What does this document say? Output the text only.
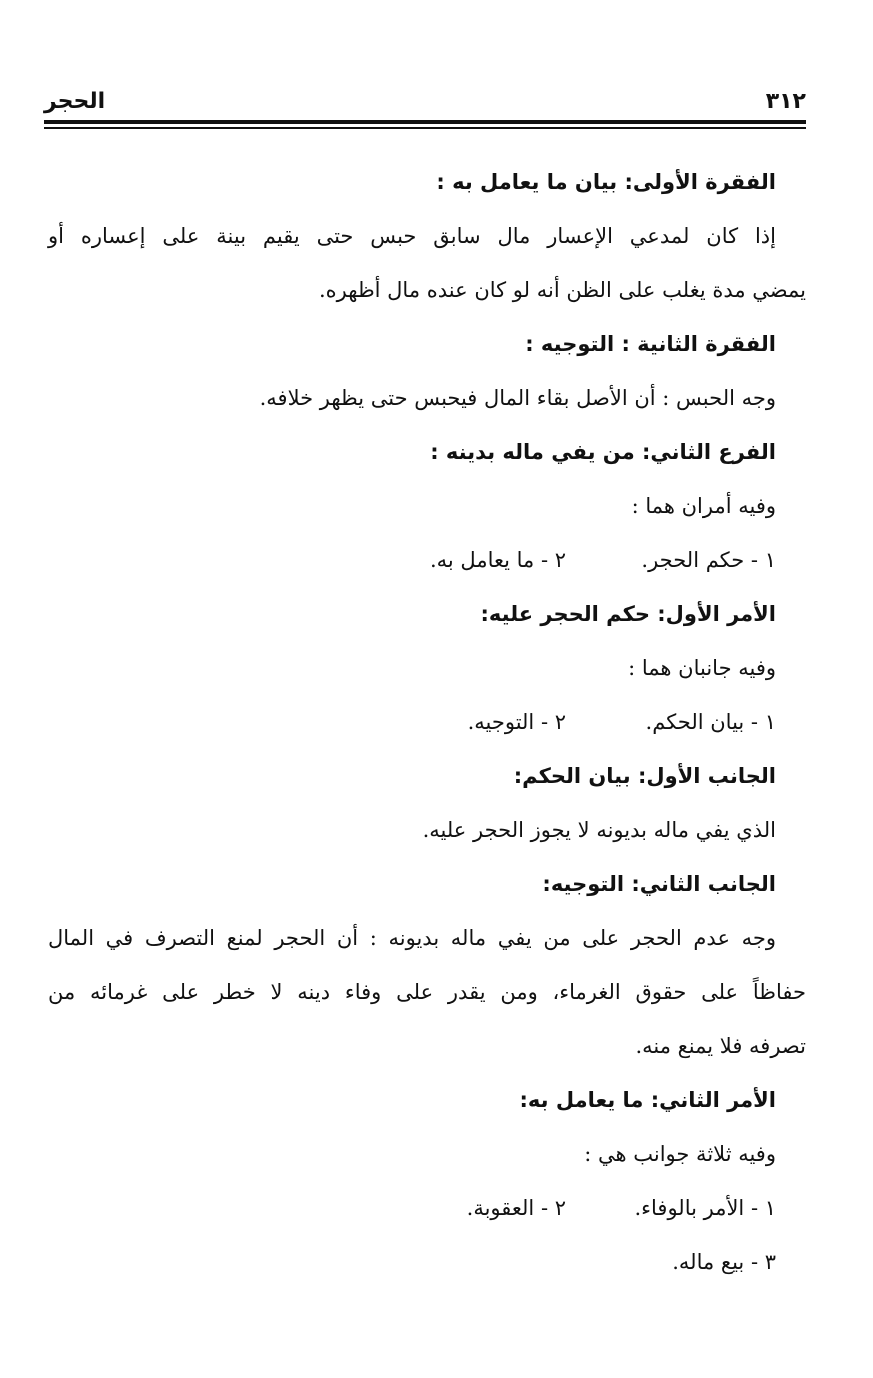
٣١٢
الحجر
الفقرة الأولى: بيان ما يعامل به :
إذا كان لمدعي الإعسار مال سابق حبس حتى يقيم بينة على إعساره أو
يمضي مدة يغلب على الظن أنه لو كان عنده مال أظهره.
الفقرة الثانية : التوجيه :
وجه الحبس : أن الأصل بقاء المال فيحبس حتى يظهر خلافه.
الفرع الثاني: من يفي ماله بدينه :
وفيه أمران هما :
١ - حكم الحجر.
٢ - ما يعامل به.
الأمر الأول: حكم الحجر عليه:
وفيه جانبان هما :
١ - بيان الحكم.
٢ - التوجيه.
الجانب الأول: بيان الحكم:
الذي يفي ماله بديونه لا يجوز الحجر عليه.
الجانب الثاني: التوجيه:
وجه عدم الحجر على من يفي ماله بديونه : أن الحجر لمنع التصرف في المال
حفاظاً على حقوق الغرماء، ومن يقدر على وفاء دينه لا خطر على غرمائه من
تصرفه فلا يمنع منه.
الأمر الثاني: ما يعامل به:
وفيه ثلاثة جوانب هي :
١ - الأمر بالوفاء.
٢ - العقوبة.
٣ - بيع ماله.
